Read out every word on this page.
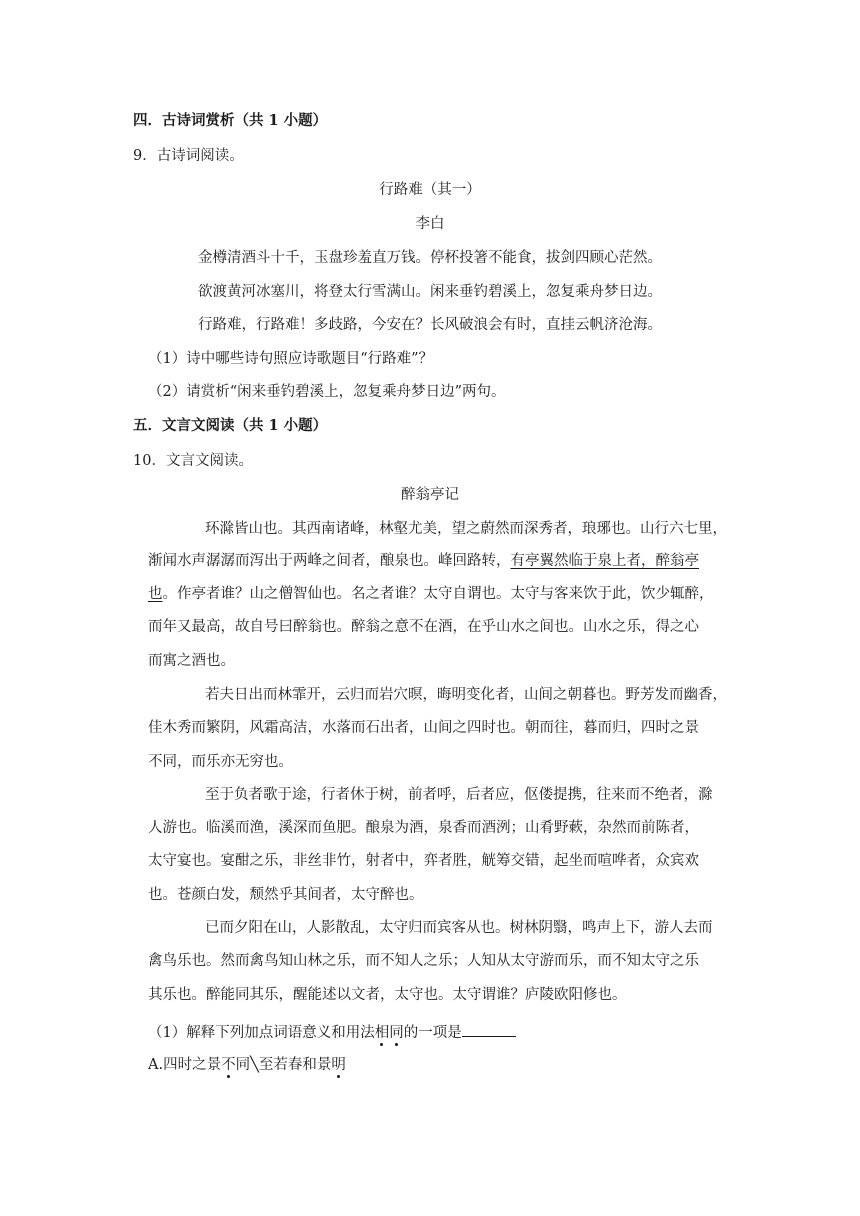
四．古诗词赏析（共 1 小题）
9．古诗词阅读。
行路难（其一）
李白
金樽清酒斗十千，玉盘珍羞直万钱。停杯投箸不能食，拔剑四顾心茫然。
欲渡黄河冰塞川，将登太行雪满山。闲来垂钓碧溪上，忽复乘舟梦日边。
行路难，行路难！多歧路，今安在？长风破浪会有时，直挂云帆济沧海。
（1）诗中哪些诗句照应诗歌题目“行路难”？
（2）请赏析“闲来垂钓碧溪上，忽复乘舟梦日边”两句。
五．文言文阅读（共 1 小题）
10．文言文阅读。
醉翁亭记
环滁皆山也。其西南诸峰，林壑尤美，望之蔚然而深秀者，琅琊也。山行六七里，
渐闻水声潺潺而泻出于两峰之间者，酿泉也。峰回路转，有亭翼然临于泉上者，醉翁亭
也。作亭者谁？山之僧智仙也。名之者谁？太守自谓也。太守与客来饮于此，饮少辄醉，
而年又最高，故自号曰醉翁也。醉翁之意不在酒，在乎山水之间也。山水之乐，得之心
而寓之酒也。
若夫日出而林霏开，云归而岩穴暝，晦明变化者，山间之朝暮也。野芳发而幽香，
佳木秀而繁阴，风霜高洁，水落而石出者，山间之四时也。朝而往，暮而归，四时之景
不同，而乐亦无穷也。
至于负者歌于途，行者休于树，前者呼，后者应，伛偻提携，往来而不绝者，滁
人游也。临溪而渔，溪深而鱼肥。酿泉为酒，泉香而酒洌；山肴野蔌，杂然而前陈者，
太守宴也。宴酣之乐，非丝非竹，射者中，弈者胜，觥筹交错，起坐而喧哗者，众宾欢
也。苍颜白发，颓然乎其间者，太守醉也。
已而夕阳在山，人影散乱，太守归而宾客从也。树林阴翳，鸣声上下，游人去而
禽鸟乐也。然而禽鸟知山林之乐，而不知人之乐；人知从太守游而乐，而不知太守之乐
其乐也。醉能同其乐，醒能述以文者，太守也。太守谓谁？庐陵欧阳修也。
（1）解释下列加点词语意义和用法相同的一项是
A.四时之景不同╲至若春和景明
